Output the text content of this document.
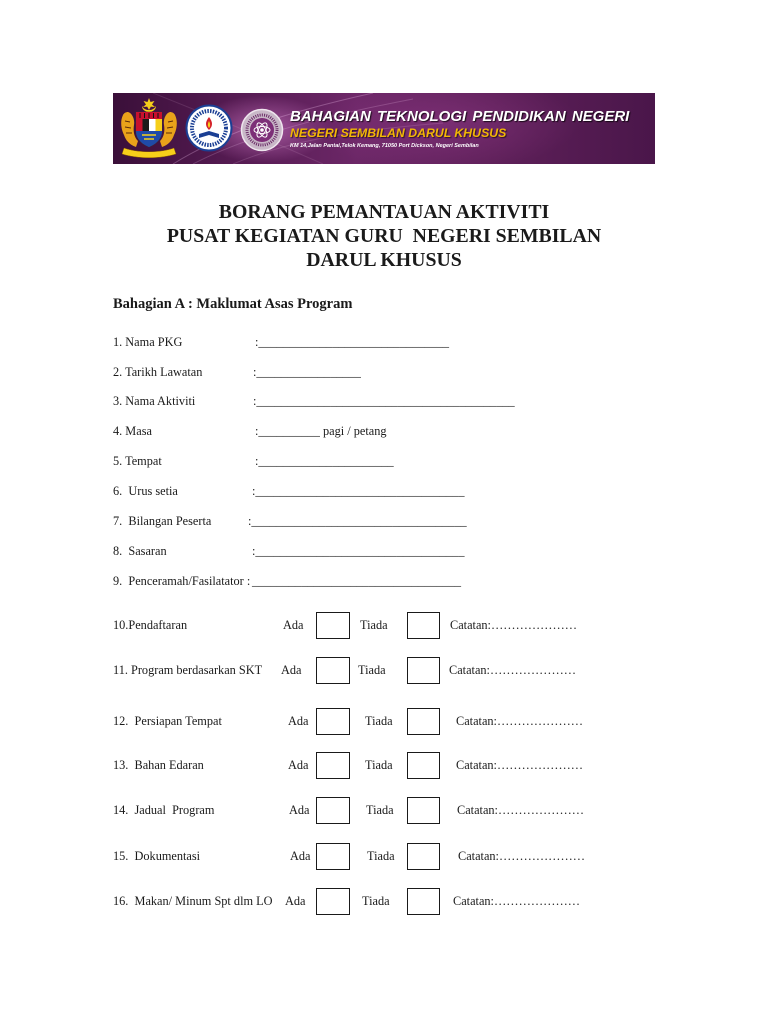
BAHAGIAN TEKNOLOGI PENDIDIKAN NEGERI
NEGERI SEMBILAN DARUL KHUSUS
KM 14,Jalan Pantai,Telok Kemang, 71050 Port Dickson, Negeri Sembilan
BORANG PEMANTAUAN AKTIVITI
PUSAT KEGIATAN GURU  NEGERI SEMBILAN
DARUL KHUSUS
Bahagian A : Maklumat Asas Program
1. Nama PKG	:_______________________________
2. Tarikh Lawatan	:_________________
3. Nama Aktiviti	:__________________________________________
4. Masa	:__________ pagi / petang
5. Tempat	:______________________
6.  Urus setia	:__________________________________
7.  Bilangan Peserta	:___________________________________
8.  Sasaran	:__________________________________
9.  Penceramah/Fasilatator : __________________________________
10.Pendaftaran	Ada	Tiada	Catatan:…………………
11. Program berdasarkan SKT Ada	Tiada	Catatan:…………………
12.  Persiapan Tempat	Ada	Tiada	Catatan:…………………
13.  Bahan Edaran	Ada	Tiada	Catatan:…………………
14.  Jadual  Program	Ada	Tiada	Catatan:…………………
15.  Dokumentasi	Ada	Tiada	Catatan:…………………
16.  Makan/ Minum Spt dlm LO Ada	Tiada	Catatan:…………………
